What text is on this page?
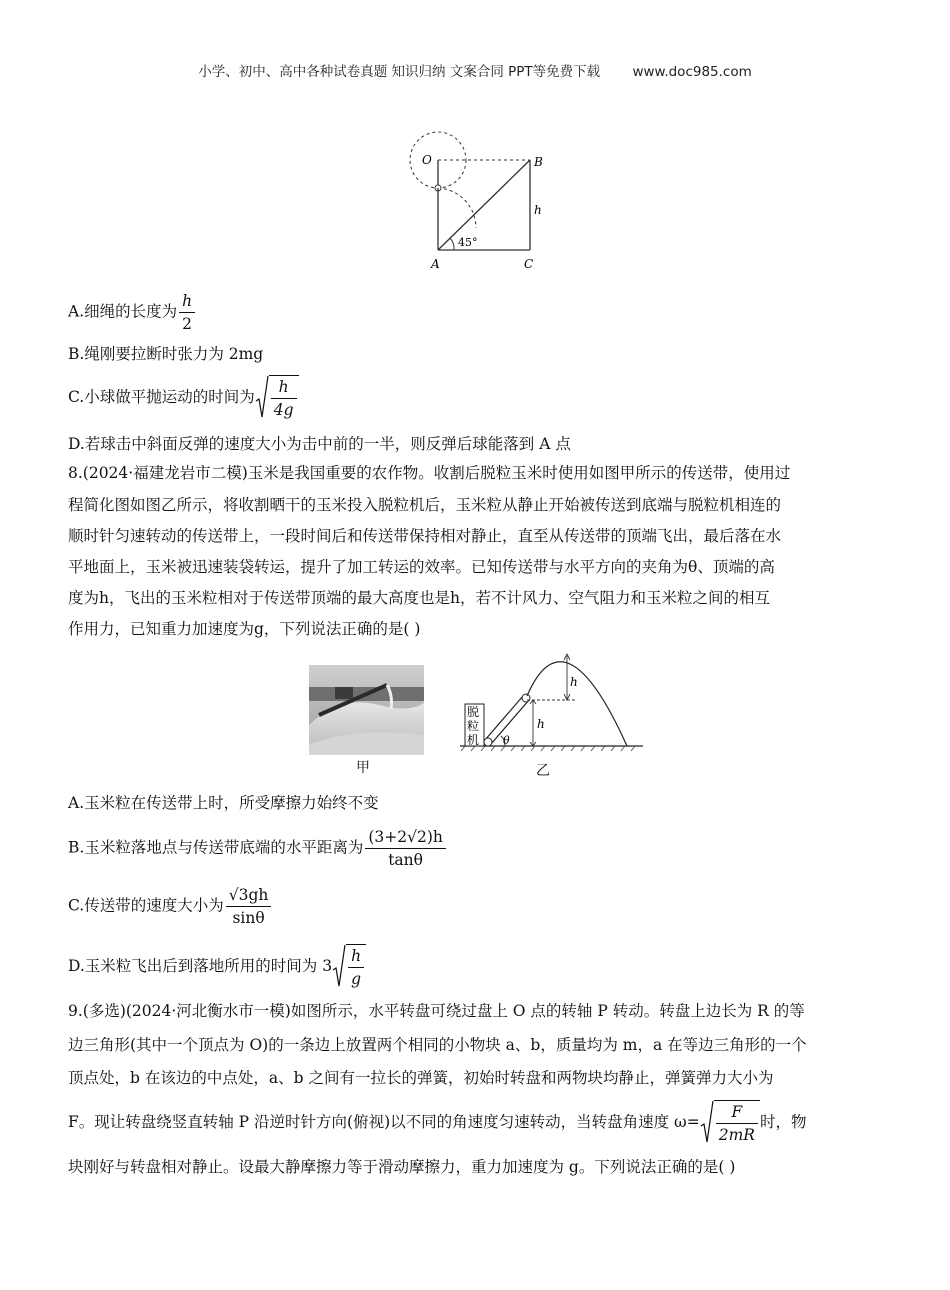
小学、初中、高中各种试卷真题 知识归纳 文案合同 PPT等免费下载 www.doc985.com
O	B
A	C
h
45°
A.细绳的长度为 $\frac{h}{2}$
B.绳刚要拉断时张力为 2mg
C.小球做平抛运动的时间为 $\frac{h}{4g}$
D.若球击中斜面反弹的速度大小为击中前的一半，则反弹后球能落到 A 点
8.(2024·福建龙岩市二模)玉米是我国重要的农作物。收割后脱粒玉米时使用如图甲所示的传送带，使用过
程简化图如图乙所示，将收割晒干的玉米投入脱粒机后，玉米粒从静止开始被传送到底端与脱粒机相连的
顺时针匀速转动的传送带上，一段时间后和传送带保持相对静止，直至从传送带的顶端飞出，最后落在水
平地面上，玉米被迅速装袋转运，提升了加工转运的效率。已知传送带与水平方向的夹角为θ、顶端的高
度为h，飞出的玉米粒相对于传送带顶端的最大高度也是h，若不计风力、空气阻力和玉米粒之间的相互
作用力，已知重力加速度为g，下列说法正确的是( )
甲
脱
粒
机
h
h
θ
乙
A.玉米粒在传送带上时，所受摩擦力始终不变
B.玉米粒落地点与传送带底端的水平距离为 $\frac{(3+2√2)h}{\tan\theta}$
C.传送带的速度大小为 $\frac{√3gh}{\sin\theta}$
D.玉米粒飞出后到落地所用的时间为 $3 \frac{h}{g}$
9.(多选)(2024·河北衡水市一模)如图所示，水平转盘可绕过盘上 O 点的转轴 P 转动。转盘上边长为 R 的等
边三角形(其中一个顶点为 O)的一条边上放置两个相同的小物块 a、b，质量均为 m，a 在等边三角形的一个
顶点处，b 在该边的中点处，a、b 之间有一拉长的弹簧，初始时转盘和两物块均静止，弹簧弹力大小为
F。现让转盘绕竖直转轴 P 沿逆时针方向(俯视)以不同的角速度匀速转动，当转盘角速度 $\omega= \frac{F}{2mR}$ 时，物
块刚好与转盘相对静止。设最大静摩擦力等于滑动摩擦力，重力加速度为 g。下列说法正确的是( )
